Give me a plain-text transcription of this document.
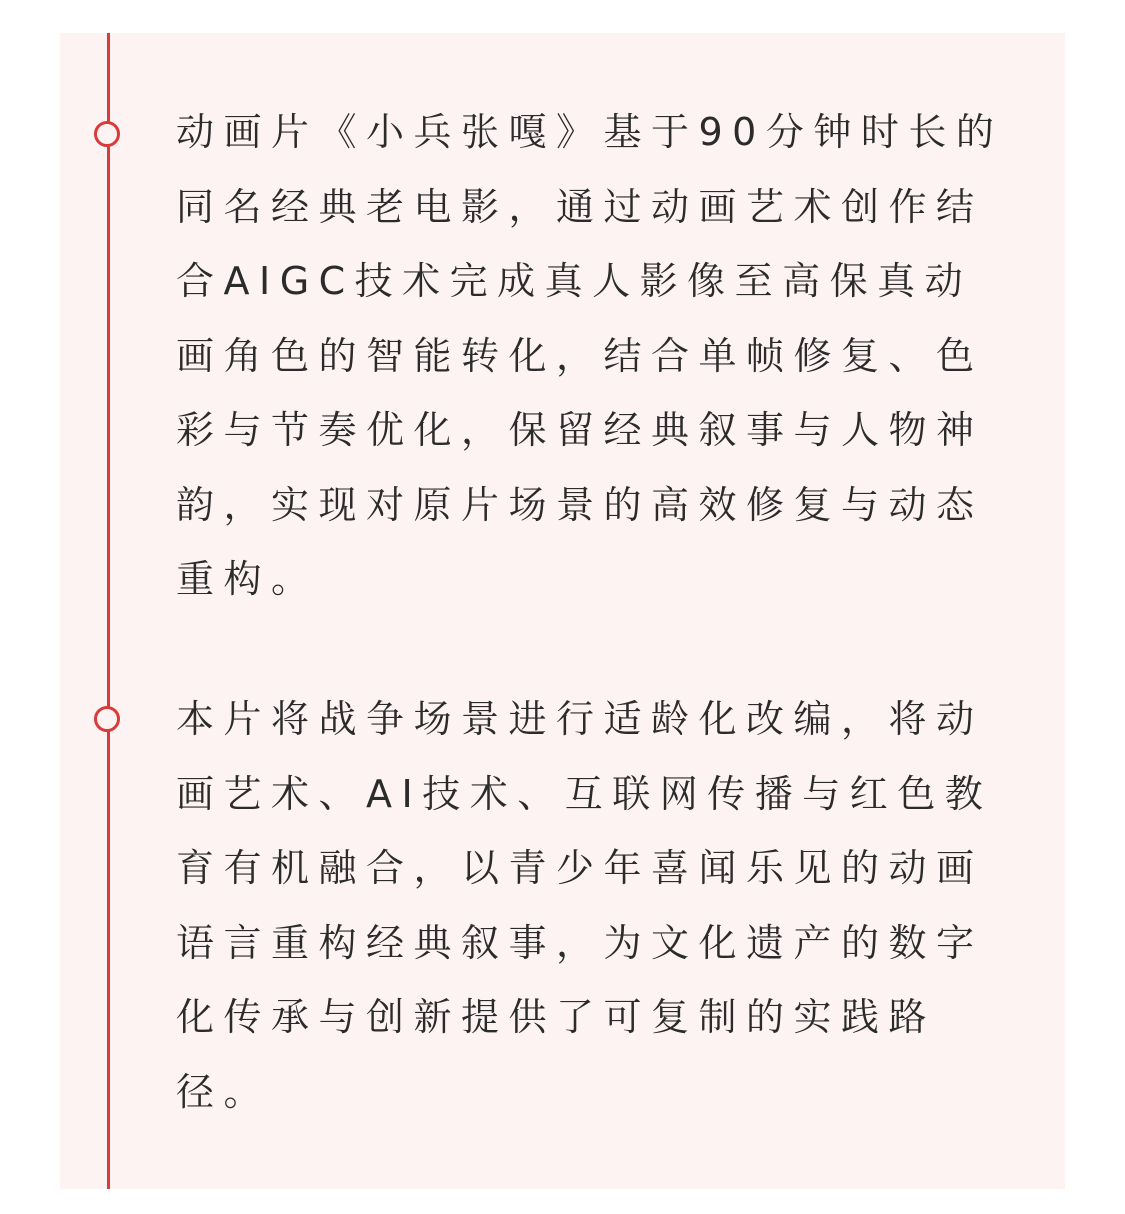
动画片《小兵张嘎》基于90分钟时长的
同名经典老电影，通过动画艺术创作结
合AIGC技术完成真人影像至高保真动
画角色的智能转化，结合单帧修复、色
彩与节奏优化，保留经典叙事与人物神
韵，实现对原片场景的高效修复与动态
重构。

本片将战争场景进行适龄化改编，将动
画艺术、AI技术、互联网传播与红色教
育有机融合，以青少年喜闻乐见的动画
语言重构经典叙事，为文化遗产的数字
化传承与创新提供了可复制的实践路
径。
